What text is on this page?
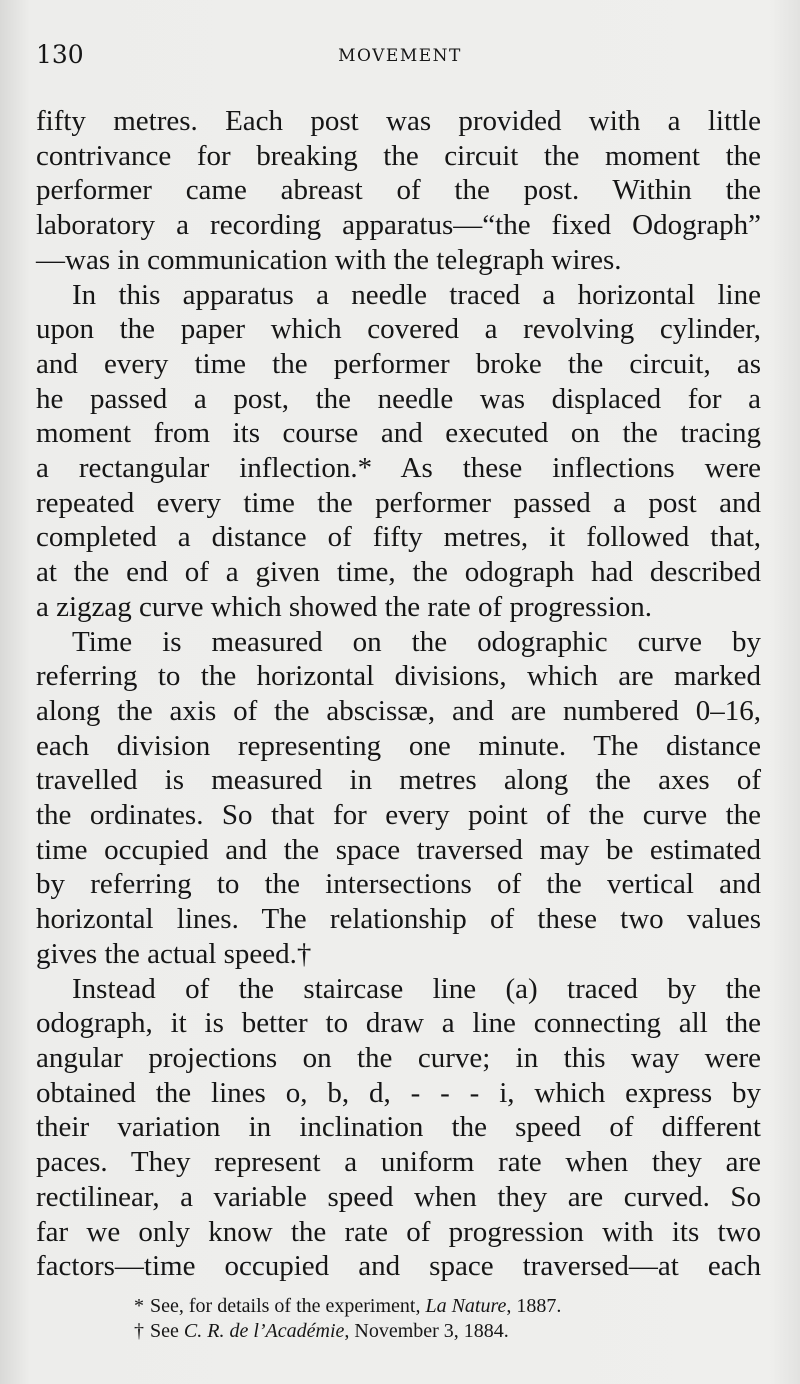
130	MOVEMENT

fifty metres. Each post was provided with a little
contrivance for breaking the circuit the moment the
performer came abreast of the post. Within the
laboratory a recording apparatus—“the fixed Odograph”
—was in communication with the telegraph wires.

In this apparatus a needle traced a horizontal line
upon the paper which covered a revolving cylinder,
and every time the performer broke the circuit, as
he passed a post, the needle was displaced for a
moment from its course and executed on the tracing
a rectangular inflection.* As these inflections were
repeated every time the performer passed a post and
completed a distance of fifty metres, it followed that,
at the end of a given time, the odograph had described
a zigzag curve which showed the rate of progression.

Time is measured on the odographic curve by
referring to the horizontal divisions, which are marked
along the axis of the abscissæ, and are numbered 0–16,
each division representing one minute. The distance
travelled is measured in metres along the axes of
the ordinates. So that for every point of the curve the
time occupied and the space traversed may be estimated
by referring to the intersections of the vertical and
horizontal lines. The relationship of these two values
gives the actual speed.†

Instead of the staircase line (a) traced by the
odograph, it is better to draw a line connecting all the
angular projections on the curve; in this way were
obtained the lines o, b, d, - - - i, which express by
their variation in inclination the speed of different
paces. They represent a uniform rate when they are
rectilinear, a variable speed when they are curved. So
far we only know the rate of progression with its two
factors—time occupied and space traversed—at each

* See, for details of the experiment, La Nature, 1887.
† See C. R. de l’Académie, November 3, 1884.
